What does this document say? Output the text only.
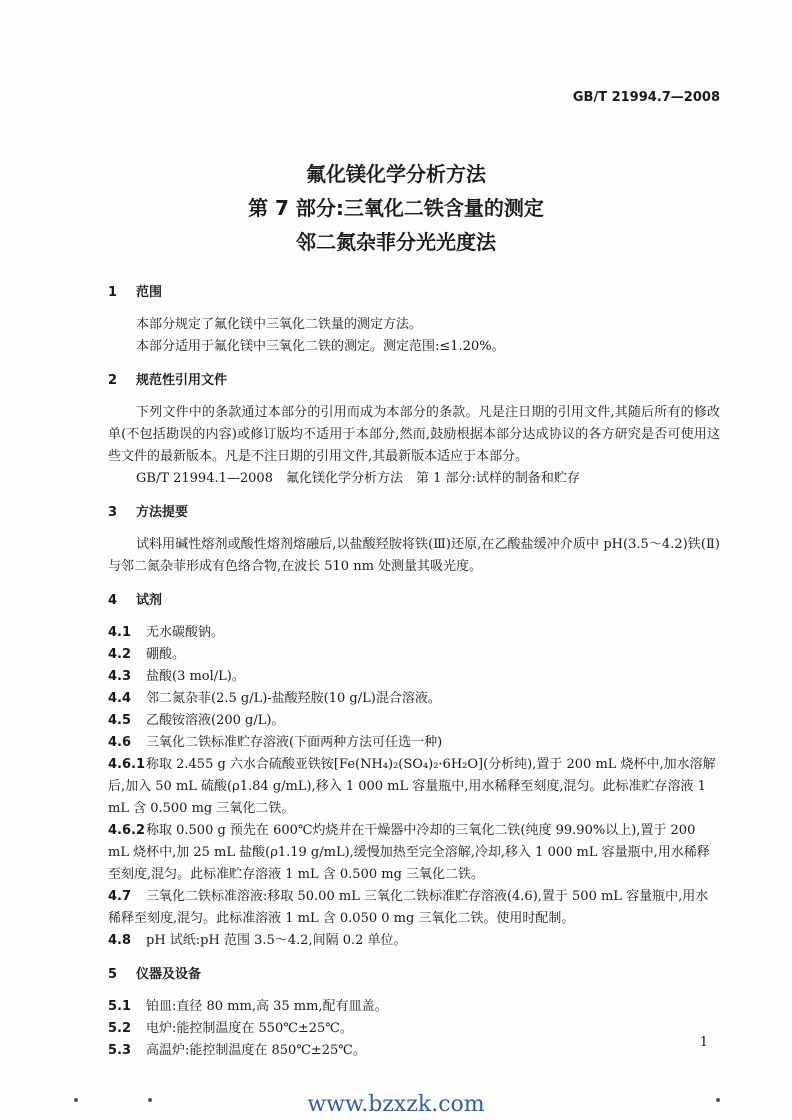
GB/T 21994.7—2008
氟化镁化学分析方法
第 7 部分:三氧化二铁含量的测定
邻二氮杂菲分光光度法
1 范围
本部分规定了氟化镁中三氧化二铁量的测定方法。
本部分适用于氟化镁中三氧化二铁的测定。测定范围:≤1.20%。
2 规范性引用文件
下列文件中的条款通过本部分的引用而成为本部分的条款。凡是注日期的引用文件,其随后所有的修改单(不包括勘误的内容)或修订版均不适用于本部分,然而,鼓励根据本部分达成协议的各方研究是否可使用这些文件的最新版本。凡是不注日期的引用文件,其最新版本适应于本部分。
GB/T 21994.1—2008　氟化镁化学分析方法　第 1 部分:试样的制备和贮存
3 方法提要
试料用碱性熔剂或酸性熔剂熔融后,以盐酸羟胺将铁(Ⅲ)还原,在乙酸盐缓冲介质中 pH(3.5～4.2)铁(Ⅱ)与邻二氮杂菲形成有色络合物,在波长 510 nm 处测量其吸光度。
4 试剂
4.1 无水碳酸钠。
4.2 硼酸。
4.3 盐酸(3 mol/L)。
4.4 邻二氮杂菲(2.5 g/L)-盐酸羟胺(10 g/L)混合溶液。
4.5 乙酸铵溶液(200 g/L)。
4.6 三氧化二铁标准贮存溶液(下面两种方法可任选一种)
4.6.1称取 2.455 g 六水合硫酸亚铁铵[Fe(NH₄)₂(SO₄)₂·6H₂O](分析纯),置于 200 mL 烧杯中,加水溶解后,加入 50 mL 硫酸(ρ1.84 g/mL),移入 1 000 mL 容量瓶中,用水稀释至刻度,混匀。此标准贮存溶液 1 mL 含 0.500 mg 三氧化二铁。
4.6.2称取 0.500 g 预先在 600℃灼烧并在干燥器中冷却的三氧化二铁(纯度 99.90%以上),置于 200 mL 烧杯中,加 25 mL 盐酸(ρ1.19 g/mL),缓慢加热至完全溶解,冷却,移入 1 000 mL 容量瓶中,用水稀释至刻度,混匀。此标准贮存溶液 1 mL 含 0.500 mg 三氧化二铁。
4.7 三氧化二铁标准溶液:移取 50.00 mL 三氧化二铁标准贮存溶液(4.6),置于 500 mL 容量瓶中,用水稀释至刻度,混匀。此标准溶液 1 mL 含 0.050 0 mg 三氧化二铁。使用时配制。
4.8 pH 试纸:pH 范围 3.5～4.2,间隔 0.2 单位。
5 仪器及设备
5.1 铂皿:直径 80 mm,高 35 mm,配有皿盖。
5.2 电炉:能控制温度在 550℃±25℃。
5.3 高温炉:能控制温度在 850℃±25℃。
1
www.bzxzk.com
